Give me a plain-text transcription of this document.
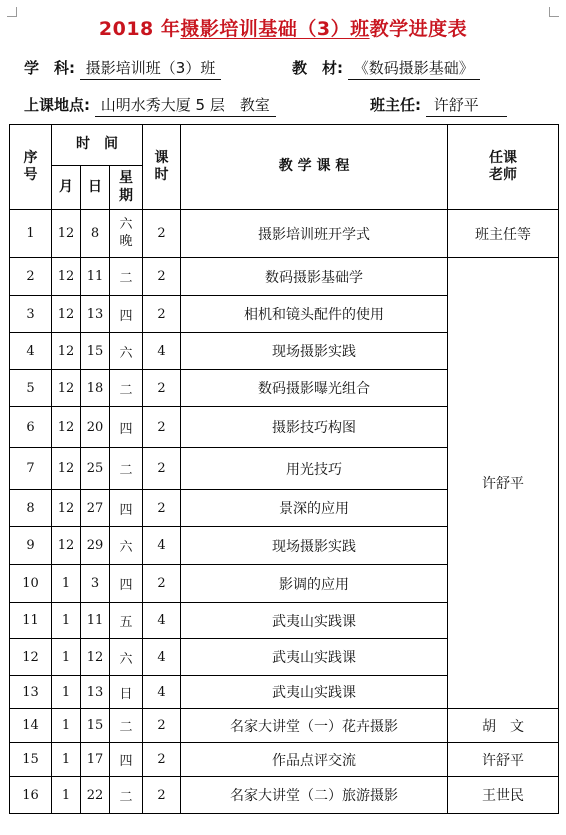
2018 年摄影培训基础（3）班教学进度表
学　科: 摄影培训班（3）班	教　材: 《数码摄影基础》
上课地点: 山明水秀大厦 5 层　教室	班主任: 许舒平
序号	时　间			课时	教 学 课 程	任课老师
	月	日	星期			
1	12	8	六晚	2	摄影培训班开学式	班主任等
2	12	11	二	2	数码摄影基础学	许舒平
3	12	13	四	2	相机和镜头配件的使用	
4	12	15	六	4	现场摄影实践	
5	12	18	二	2	数码摄影曝光组合	
6	12	20	四	2	摄影技巧构图	
7	12	25	二	2	用光技巧	
8	12	27	四	2	景深的应用	
9	12	29	六	4	现场摄影实践	
10	1	3	四	2	影调的应用	
11	1	11	五	4	武夷山实践课	
12	1	12	六	4	武夷山实践课	
13	1	13	日	4	武夷山实践课	
14	1	15	二	2	名家大讲堂（一）花卉摄影	胡　文
15	1	17	四	2	作品点评交流	许舒平
16	1	22	二	2	名家大讲堂（二）旅游摄影	王世民
